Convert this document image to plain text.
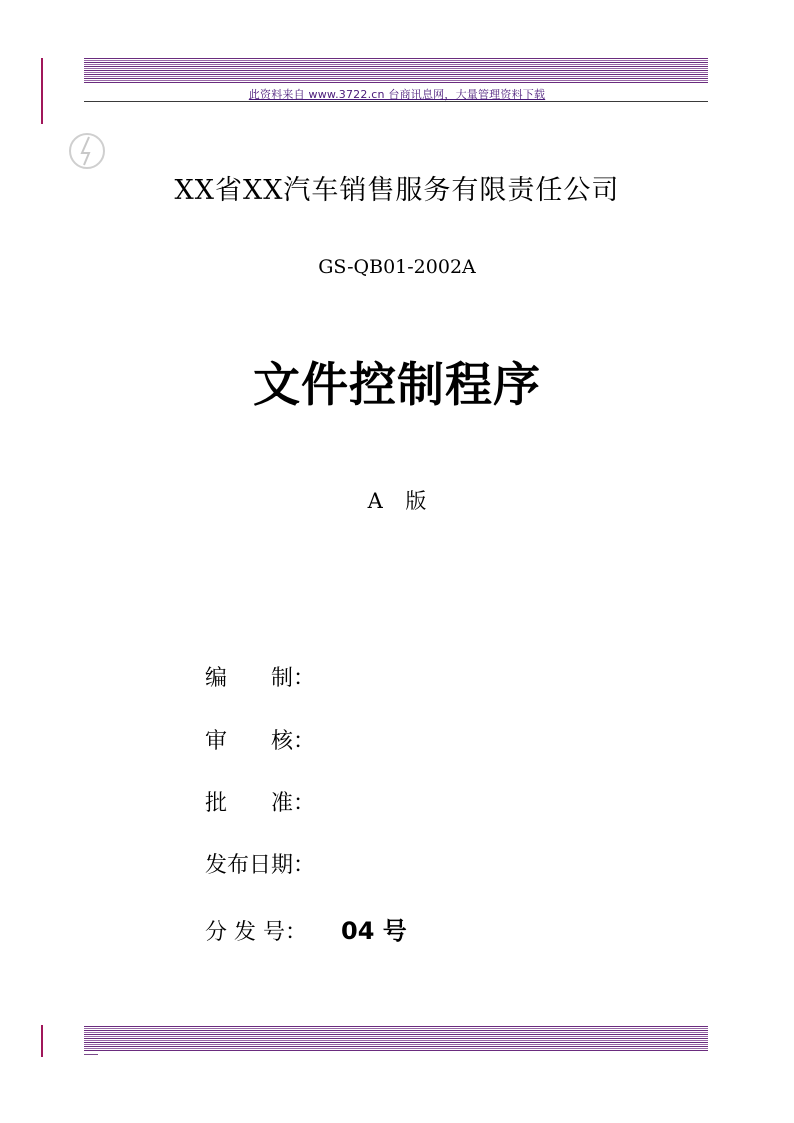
此资料来自 www.3722.cn 台商讯息网，大量管理资料下载
XX省XX汽车销售服务有限责任公司
GS-QB01-2002A
文件控制程序
A 版
编　　制：
审　　核：
批　　准：
发布日期：
分 发 号： 04 号
